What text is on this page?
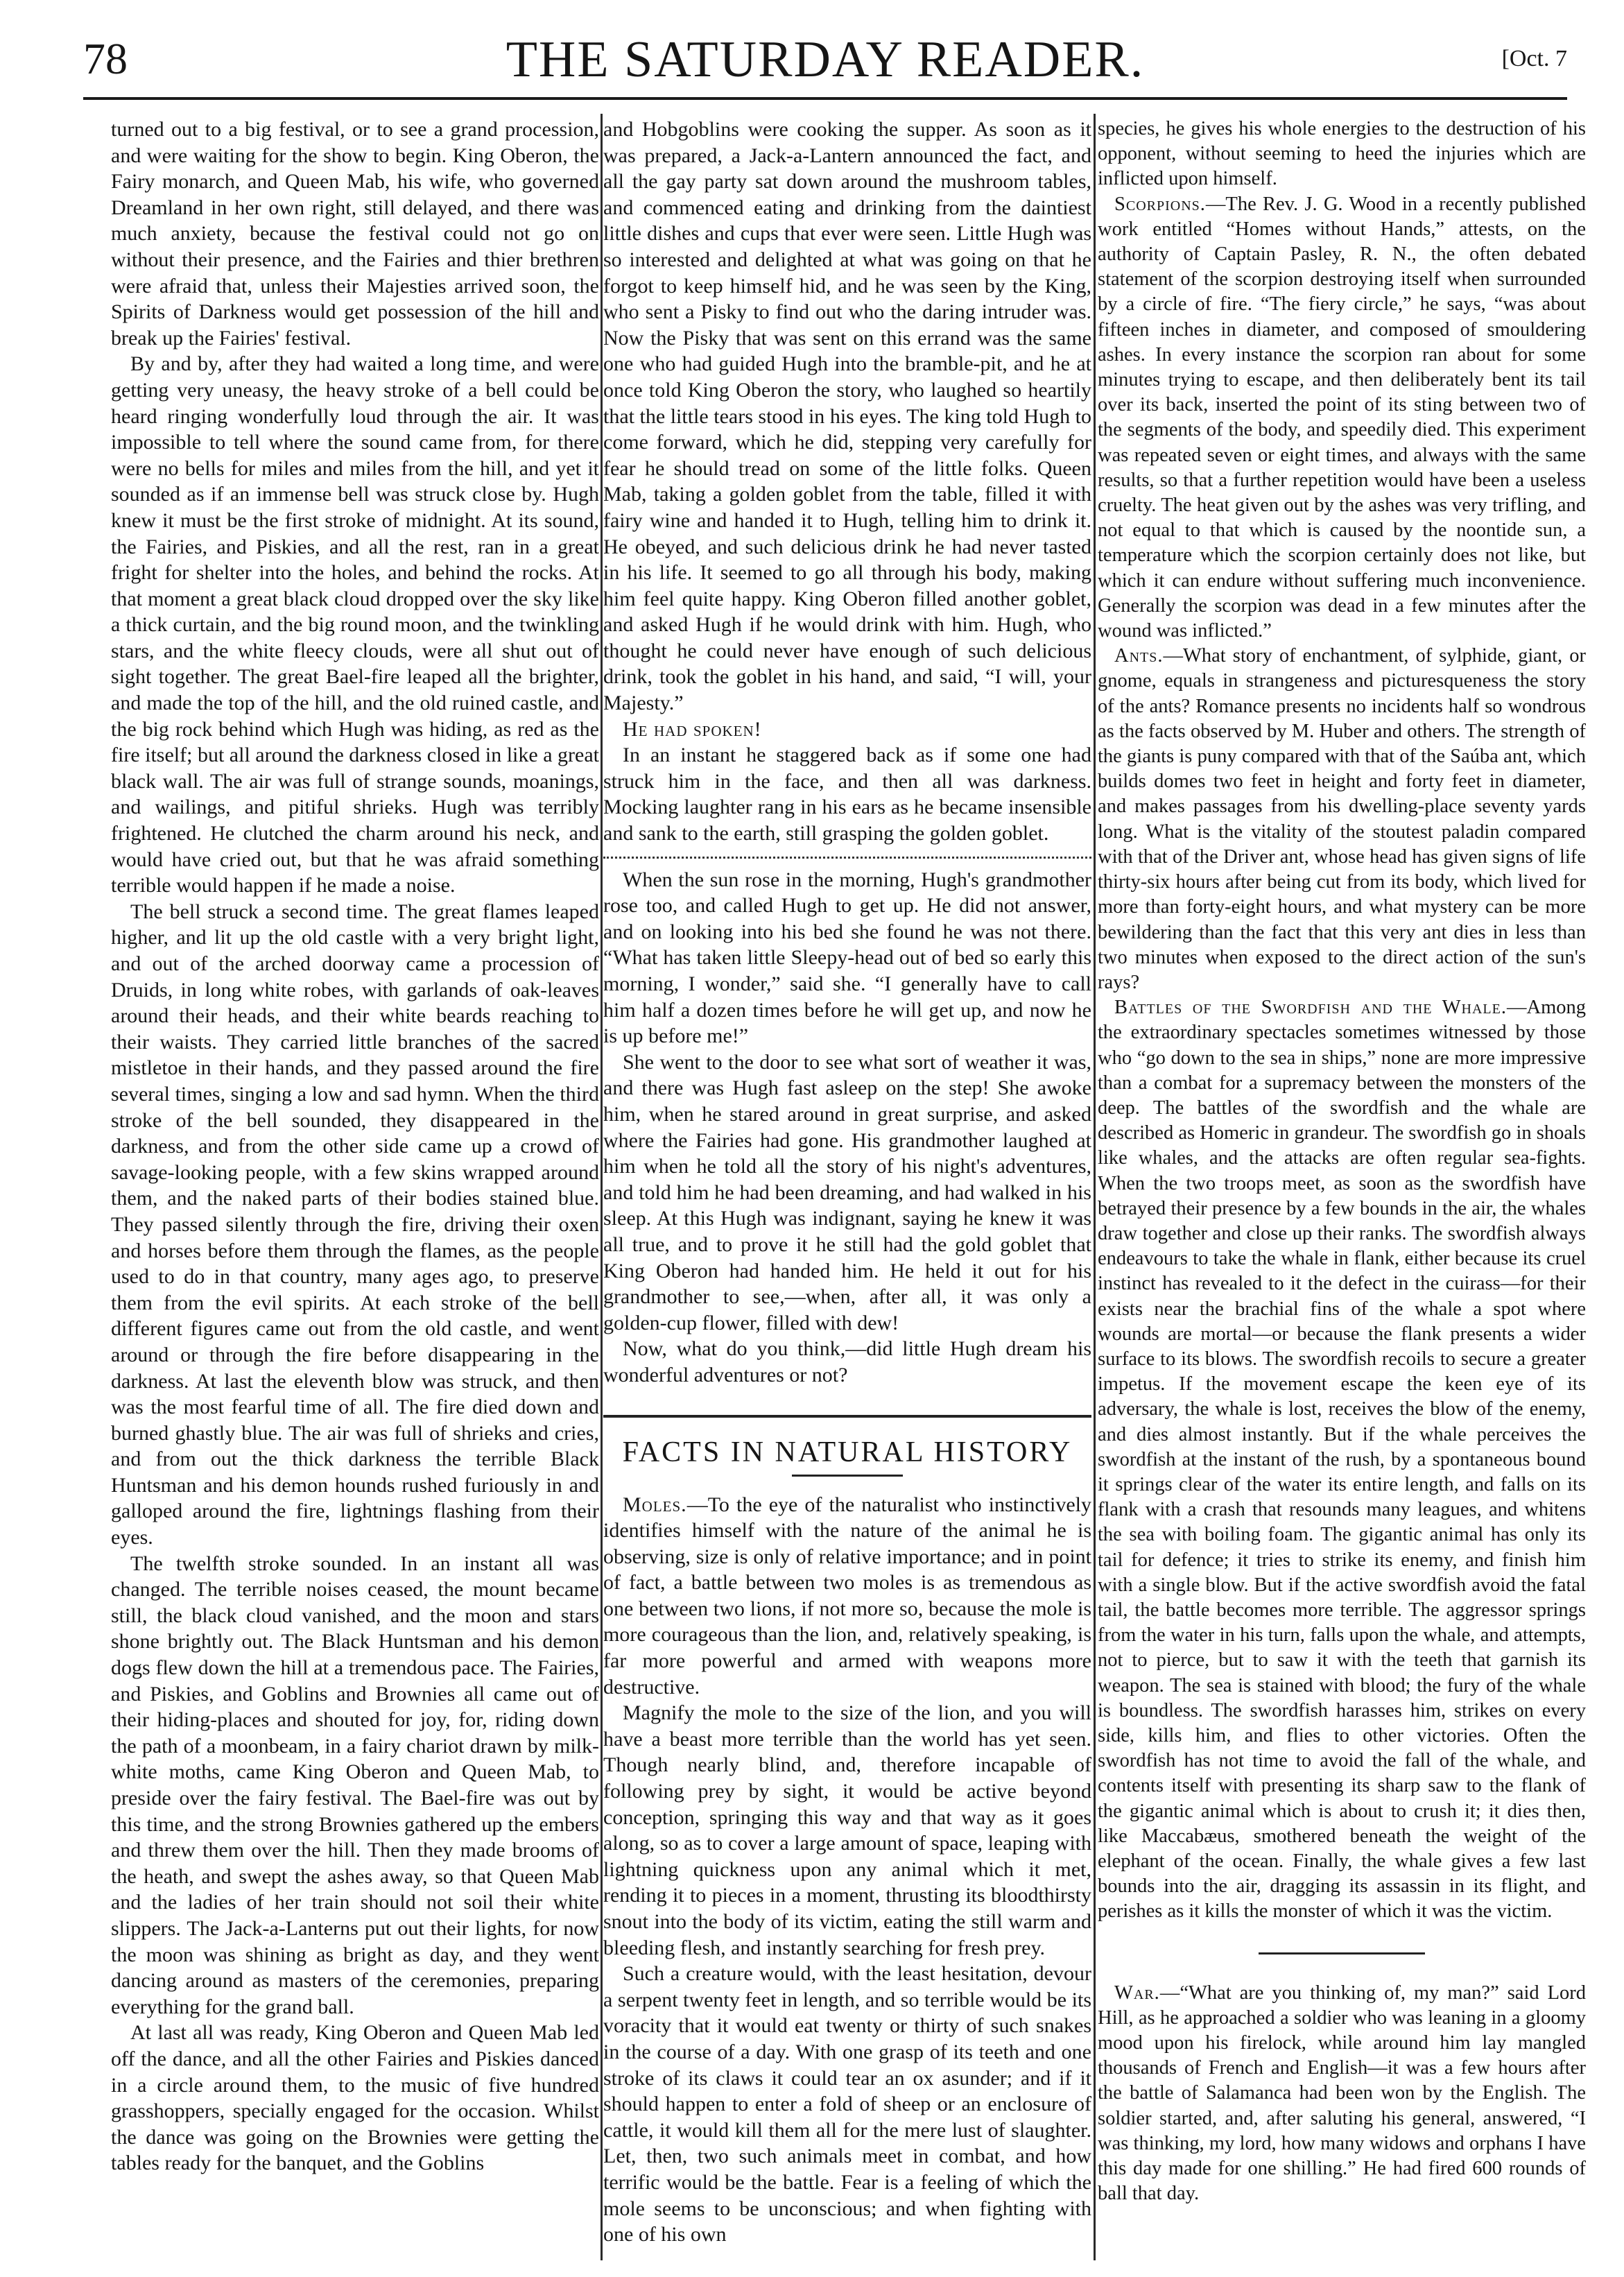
78	THE SATURDAY READER.	[Oct. 7

turned out to a big festival, or to see a grand procession, and were waiting for the show to begin. King Oberon, the Fairy monarch, and Queen Mab, his wife, who governed Dreamland in her own right, still delayed, and there was much anxiety, because the festival could not go on without their presence, and the Fairies and thier brethren were afraid that, unless their Majesties arrived soon, the Spirits of Darkness would get possession of the hill and break up the Fairies' festival.

By and by, after they had waited a long time, and were getting very uneasy, the heavy stroke of a bell could be heard ringing wonderfully loud through the air. It was impossible to tell where the sound came from, for there were no bells for miles and miles from the hill, and yet it sounded as if an immense bell was struck close by. Hugh knew it must be the first stroke of midnight. At its sound, the Fairies, and Piskies, and all the rest, ran in a great fright for shelter into the holes, and behind the rocks. At that moment a great black cloud dropped over the sky like a thick curtain, and the big round moon, and the twinkling stars, and the white fleecy clouds, were all shut out of sight together. The great Bael-fire leaped all the brighter, and made the top of the hill, and the old ruined castle, and the big rock behind which Hugh was hiding, as red as the fire itself; but all around the darkness closed in like a great black wall. The air was full of strange sounds, moanings, and wailings, and pitiful shrieks. Hugh was terribly frightened. He clutched the charm around his neck, and would have cried out, but that he was afraid something terrible would happen if he made a noise.

The bell struck a second time. The great flames leaped higher, and lit up the old castle with a very bright light, and out of the arched doorway came a procession of Druids, in long white robes, with garlands of oak-leaves around their heads, and their white beards reaching to their waists. They carried little branches of the sacred mistletoe in their hands, and they passed around the fire several times, singing a low and sad hymn. When the third stroke of the bell sounded, they disappeared in the darkness, and from the other side came up a crowd of savage-looking people, with a few skins wrapped around them, and the naked parts of their bodies stained blue. They passed silently through the fire, driving their oxen and horses before them through the flames, as the people used to do in that country, many ages ago, to preserve them from the evil spirits. At each stroke of the bell different figures came out from the old castle, and went around or through the fire before disappearing in the darkness. At last the eleventh blow was struck, and then was the most fearful time of all. The fire died down and burned ghastly blue. The air was full of shrieks and cries, and from out the thick darkness the terrible Black Huntsman and his demon hounds rushed furiously in and galloped around the fire, lightnings flashing from their eyes.

The twelfth stroke sounded. In an instant all was changed. The terrible noises ceased, the mount became still, the black cloud vanished, and the moon and stars shone brightly out. The Black Huntsman and his demon dogs flew down the hill at a tremendous pace. The Fairies, and Piskies, and Goblins and Brownies all came out of their hiding-places and shouted for joy, for, riding down the path of a moonbeam, in a fairy chariot drawn by milk-white moths, came King Oberon and Queen Mab, to preside over the fairy festival. The Bael-fire was out by this time, and the strong Brownies gathered up the embers and threw them over the hill. Then they made brooms of the heath, and swept the ashes away, so that Queen Mab and the ladies of her train should not soil their white slippers. The Jack-a-Lanterns put out their lights, for now the moon was shining as bright as day, and they went dancing around as masters of the ceremonies, preparing everything for the grand ball.

At last all was ready, King Oberon and Queen Mab led off the dance, and all the other Fairies and Piskies danced in a circle around them, to the music of five hundred grasshoppers, specially engaged for the occasion. Whilst the dance was going on the Brownies were getting the tables ready for the banquet, and the Goblins

and Hobgoblins were cooking the supper. As soon as it was prepared, a Jack-a-Lantern announced the fact, and all the gay party sat down around the mushroom tables, and commenced eating and drinking from the daintiest little dishes and cups that ever were seen. Little Hugh was so interested and delighted at what was going on that he forgot to keep himself hid, and he was seen by the King, who sent a Pisky to find out who the daring intruder was. Now the Pisky that was sent on this errand was the same one who had guided Hugh into the bramble-pit, and he at once told King Oberon the story, who laughed so heartily that the little tears stood in his eyes. The king told Hugh to come forward, which he did, stepping very carefully for fear he should tread on some of the little folks. Queen Mab, taking a golden goblet from the table, filled it with fairy wine and handed it to Hugh, telling him to drink it. He obeyed, and such delicious drink he had never tasted in his life. It seemed to go all through his body, making him feel quite happy. King Oberon filled another goblet, and asked Hugh if he would drink with him. Hugh, who thought he could never have enough of such delicious drink, took the goblet in his hand, and said, “I will, your Majesty.”

He had spoken!

In an instant he staggered back as if some one had struck him in the face, and then all was darkness. Mocking laughter rang in his ears as he became insensible and sank to the earth, still grasping the golden goblet.

When the sun rose in the morning, Hugh's grandmother rose too, and called Hugh to get up. He did not answer, and on looking into his bed she found he was not there. “What has taken little Sleepy-head out of bed so early this morning, I wonder,” said she. “I generally have to call him half a dozen times before he will get up, and now he is up before me!”

She went to the door to see what sort of weather it was, and there was Hugh fast asleep on the step! She awoke him, when he stared around in great surprise, and asked where the Fairies had gone. His grandmother laughed at him when he told all the story of his night's adventures, and told him he had been dreaming, and had walked in his sleep. At this Hugh was indignant, saying he knew it was all true, and to prove it he still had the gold goblet that King Oberon had handed him. He held it out for his grandmother to see,—when, after all, it was only a golden-cup flower, filled with dew!

Now, what do you think,—did little Hugh dream his wonderful adventures or not?

FACTS IN NATURAL HISTORY

Moles.—To the eye of the naturalist who instinctively identifies himself with the nature of the animal he is observing, size is only of relative importance; and in point of fact, a battle between two moles is as tremendous as one between two lions, if not more so, because the mole is more courageous than the lion, and, relatively speaking, is far more powerful and armed with weapons more destructive.

Magnify the mole to the size of the lion, and you will have a beast more terrible than the world has yet seen. Though nearly blind, and, therefore incapable of following prey by sight, it would be active beyond conception, springing this way and that way as it goes along, so as to cover a large amount of space, leaping with lightning quickness upon any animal which it met, rending it to pieces in a moment, thrusting its bloodthirsty snout into the body of its victim, eating the still warm and bleeding flesh, and instantly searching for fresh prey.

Such a creature would, with the least hesitation, devour a serpent twenty feet in length, and so terrible would be its voracity that it would eat twenty or thirty of such snakes in the course of a day. With one grasp of its teeth and one stroke of its claws it could tear an ox asunder; and if it should happen to enter a fold of sheep or an enclosure of cattle, it would kill them all for the mere lust of slaughter. Let, then, two such animals meet in combat, and how terrific would be the battle. Fear is a feeling of which the mole seems to be unconscious; and when fighting with one of his own

species, he gives his whole energies to the destruction of his opponent, without seeming to heed the injuries which are inflicted upon himself.

Scorpions.—The Rev. J. G. Wood in a recently published work entitled “Homes without Hands,” attests, on the authority of Captain Pasley, R. N., the often debated statement of the scorpion destroying itself when surrounded by a circle of fire. “The fiery circle,” he says, “was about fifteen inches in diameter, and composed of smouldering ashes. In every instance the scorpion ran about for some minutes trying to escape, and then deliberately bent its tail over its back, inserted the point of its sting between two of the segments of the body, and speedily died. This experiment was repeated seven or eight times, and always with the same results, so that a further repetition would have been a useless cruelty. The heat given out by the ashes was very trifling, and not equal to that which is caused by the noontide sun, a temperature which the scorpion certainly does not like, but which it can endure without suffering much inconvenience. Generally the scorpion was dead in a few minutes after the wound was inflicted.”

Ants.—What story of enchantment, of sylphide, giant, or gnome, equals in strangeness and picturesqueness the story of the ants? Romance presents no incidents half so wondrous as the facts observed by M. Huber and others. The strength of the giants is puny compared with that of the Saúba ant, which builds domes two feet in height and forty feet in diameter, and makes passages from his dwelling-place seventy yards long. What is the vitality of the stoutest paladin compared with that of the Driver ant, whose head has given signs of life thirty-six hours after being cut from its body, which lived for more than forty-eight hours, and what mystery can be more bewildering than the fact that this very ant dies in less than two minutes when exposed to the direct action of the sun's rays?

Battles of the Swordfish and the Whale.—Among the extraordinary spectacles sometimes witnessed by those who “go down to the sea in ships,” none are more impressive than a combat for a supremacy between the monsters of the deep. The battles of the swordfish and the whale are described as Homeric in grandeur. The swordfish go in shoals like whales, and the attacks are often regular sea-fights. When the two troops meet, as soon as the swordfish have betrayed their presence by a few bounds in the air, the whales draw together and close up their ranks. The swordfish always endeavours to take the whale in flank, either because its cruel instinct has revealed to it the defect in the cuirass—for their exists near the brachial fins of the whale a spot where wounds are mortal—or because the flank presents a wider surface to its blows. The swordfish recoils to secure a greater impetus. If the movement escape the keen eye of its adversary, the whale is lost, receives the blow of the enemy, and dies almost instantly. But if the whale perceives the swordfish at the instant of the rush, by a spontaneous bound it springs clear of the water its entire length, and falls on its flank with a crash that resounds many leagues, and whitens the sea with boiling foam. The gigantic animal has only its tail for defence; it tries to strike its enemy, and finish him with a single blow. But if the active swordfish avoid the fatal tail, the battle becomes more terrible. The aggressor springs from the water in his turn, falls upon the whale, and attempts, not to pierce, but to saw it with the teeth that garnish its weapon. The sea is stained with blood; the fury of the whale is boundless. The swordfish harasses him, strikes on every side, kills him, and flies to other victories. Often the swordfish has not time to avoid the fall of the whale, and contents itself with presenting its sharp saw to the flank of the gigantic animal which is about to crush it; it dies then, like Maccabæus, smothered beneath the weight of the elephant of the ocean. Finally, the whale gives a few last bounds into the air, dragging its assassin in its flight, and perishes as it kills the monster of which it was the victim.

War.—“What are you thinking of, my man?” said Lord Hill, as he approached a soldier who was leaning in a gloomy mood upon his firelock, while around him lay mangled thousands of French and English—it was a few hours after the battle of Salamanca had been won by the English. The soldier started, and, after saluting his general, answered, “I was thinking, my lord, how many widows and orphans I have this day made for one shilling.” He had fired 600 rounds of ball that day.
